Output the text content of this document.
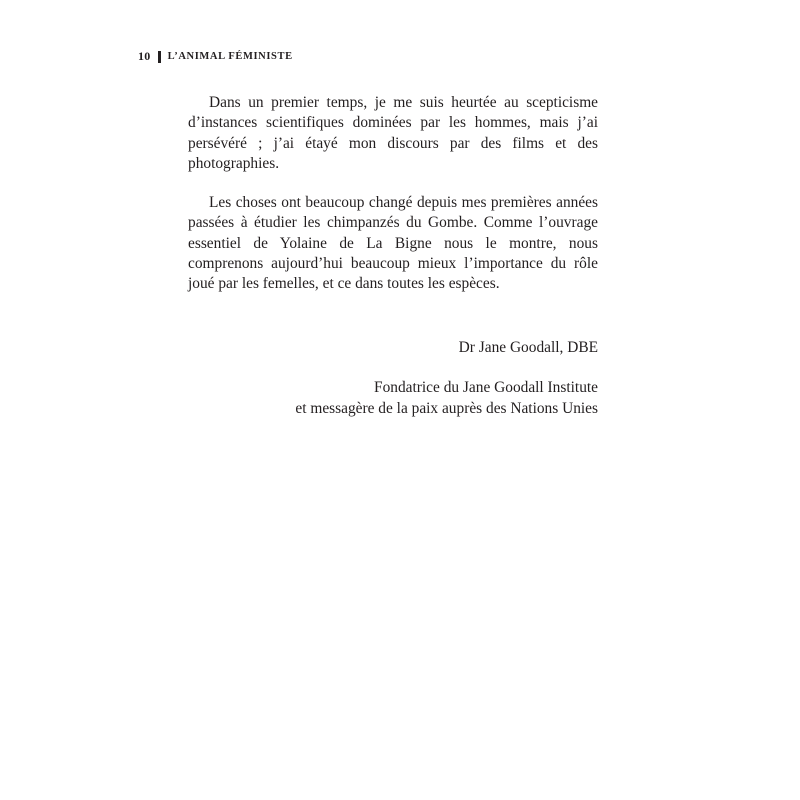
10 L’ANIMAL FÉMINISTE

Dans un premier temps, je me suis heurtée au scepticisme d’instances scientifiques dominées par les hommes, mais j’ai persévéré ; j’ai étayé mon discours par des films et des photographies.

Les choses ont beaucoup changé depuis mes premières années passées à étudier les chimpanzés du Gombe. Comme l’ouvrage essentiel de Yolaine de La Bigne nous le montre, nous comprenons aujourd’hui beaucoup mieux l’importance du rôle joué par les femelles, et ce dans toutes les espèces.

Dr Jane Goodall, DBE

Fondatrice du Jane Goodall Institute

et messagère de la paix auprès des Nations Unies
